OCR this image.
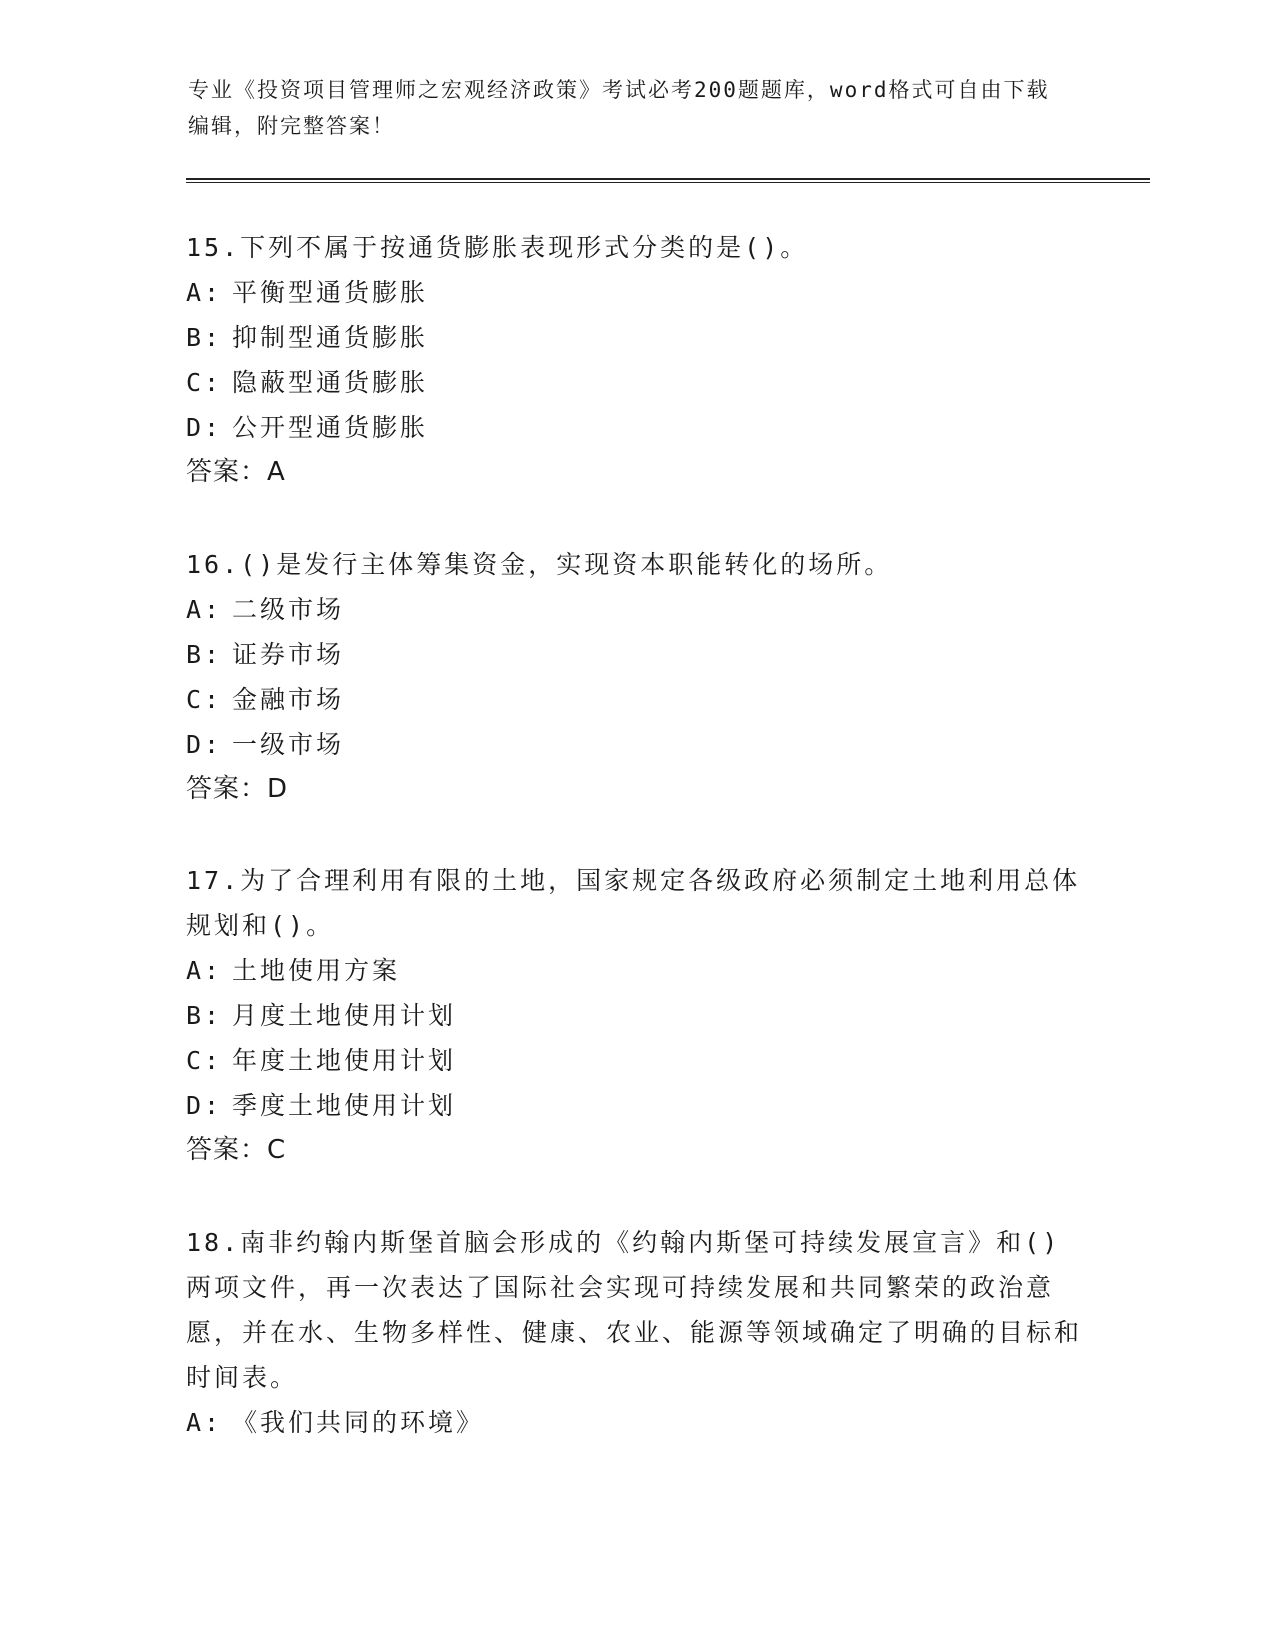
专业《投资项目管理师之宏观经济政策》考试必考200题题库，word格式可自由下载编辑，附完整答案！

15.下列不属于按通货膨胀表现形式分类的是()。

A: 平衡型通货膨胀

B: 抑制型通货膨胀

C: 隐蔽型通货膨胀

D: 公开型通货膨胀

答案：A

16.()是发行主体筹集资金，实现资本职能转化的场所。

A: 二级市场

B: 证券市场

C: 金融市场

D: 一级市场

答案：D

17.为了合理利用有限的土地，国家规定各级政府必须制定土地利用总体规划和()。

A: 土地使用方案

B: 月度土地使用计划

C: 年度土地使用计划

D: 季度土地使用计划

答案：C

18.南非约翰内斯堡首脑会形成的《约翰内斯堡可持续发展宣言》和()两项文件，再一次表达了国际社会实现可持续发展和共同繁荣的政治意愿，并在水、生物多样性、健康、农业、能源等领域确定了明确的目标和时间表。

A: 《我们共同的环境》
